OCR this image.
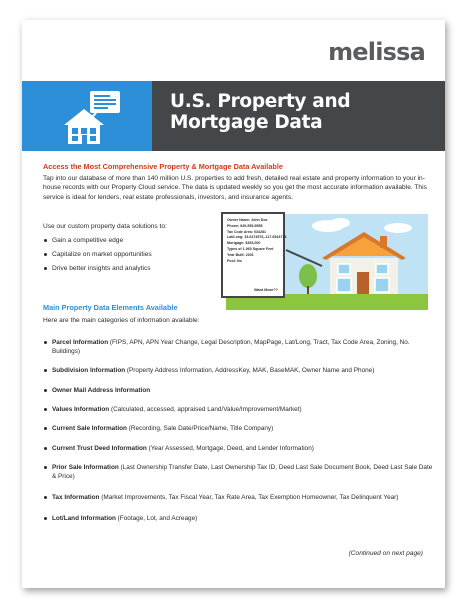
melissa
U.S. Property and
Mortgage Data

Access the Most Comprehensive Property & Mortgage Data Available

Tap into our database of more than 140 million U.S. properties to add fresh, detailed real estate and property information to your in-house records with our Property Cloud service. The data is updated weekly so you get the most accurate information available. This service is ideal for lenders, real estate professionals, investors, and insurance agents.

Use our custom property data solutions to:

Gain a competitive edge
Capitalize on market opportunities
Drive better insights and analytics
Owner Name: John Doe
Phone: 949-555-5555
Tax Code Area: 034281
Lat/Long: 33.6374576,-117.6543718
Mortgage: $393,000
Types of 1-960 Square Feet
Year Built: 2001
Pool: No
Want More??

Main Property Data Elements Available

Here are the main categories of information available:

Parcel Information (FIPS, APN, APN Year Change, Legal Description, MapPage, Lat/Long, Tract, Tax Code Area, Zoning, No. Buildings)
Subdivision Information (Property Address Information, AddressKey, MAK, BaseMAK, Owner Name and Phone)
Owner Mail Address Information
Values Information (Calculated, accessed, appraised Land/Value/Improvement/Market)
Current Sale Information (Recording, Sale Date/Price/Name, Title Company)
Current Trust Deed Information (Year Assessed, Mortgage, Deed, and Lender Information)
Prior Sale Information (Last Ownership Transfer Date, Last Ownership Tax ID, Deed Last Sale Document Book, Deed Last Sale Date & Price)
Tax Information (Market Improvements, Tax Fiscal Year, Tax Rate Area, Tax Exemption Homeowner, Tax Delinquent Year)
Lot/Land Information (Footage, Lot, and Acreage)

(Continued on next page)
